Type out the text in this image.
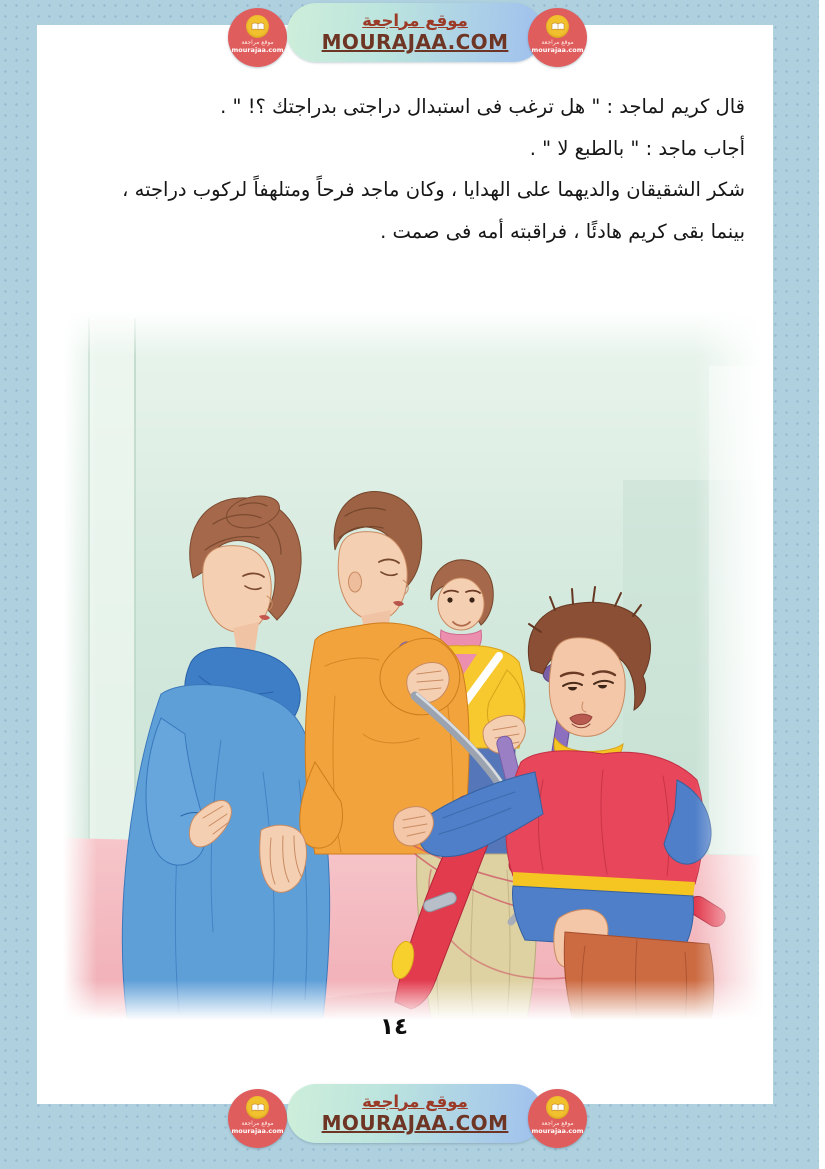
موقع مراجعة
mourajaa.com
موقع مراجعة
MOURAJAA.COM	موقع مراجعة
mourajaa.com
قال كريم لماجد : " هل ترغب فى استبدال دراجتى بدراجتك ؟! " .
أجاب ماجد : " بالطبع لا " .
شكر الشقيقان والديهما على الهدايا ، وكان ماجد فرحاً ومتلهفاً لركوب دراجته ،
بينما بقى كريم هادئًا ، فراقبته أمه فى صمت .
١٤
موقع مراجعة
mourajaa.com
موقع مراجعة
MOURAJAA.COM	موقع مراجعة
mourajaa.com
